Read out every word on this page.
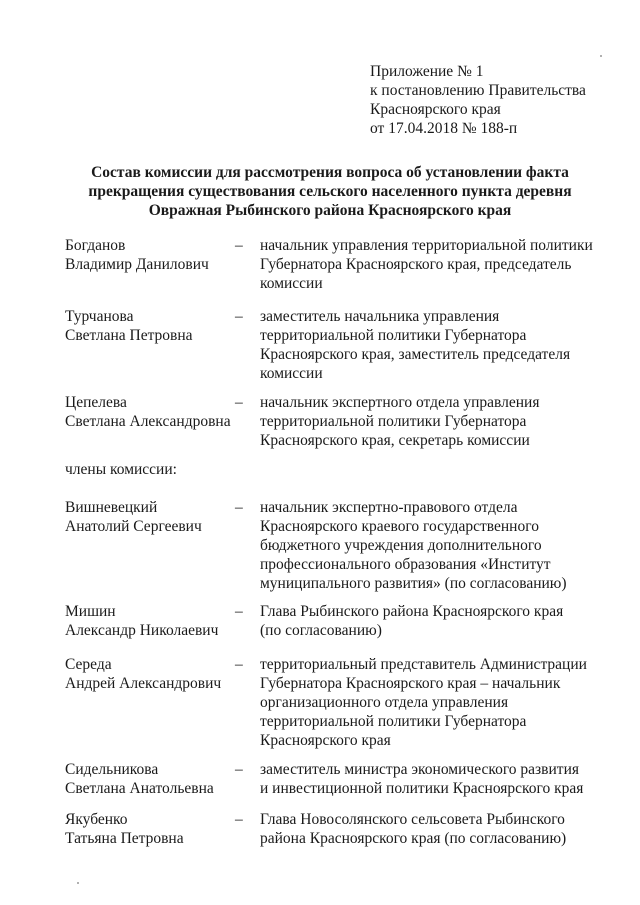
Приложение № 1
к постановлению Правительства
Красноярского края
от 17.04.2018 № 188-п
Состав комиссии для рассмотрения вопроса об установлении факта
прекращения существования сельского населенного пункта деревня
Овражная Рыбинского района Красноярского края
Богданов
Владимир Данилович
– начальник управления территориальной политики
Губернатора Красноярского края, председатель
комиссии
Турчанова
Светлана Петровна
– заместитель начальника управления
территориальной политики Губернатора
Красноярского края, заместитель председателя
комиссии
Цепелева
Светлана Александровна
– начальник экспертного отдела управления
территориальной политики Губернатора
Красноярского края, секретарь комиссии
члены комиссии:
Вишневецкий
Анатолий Сергеевич
– начальник экспертно-правового отдела
Красноярского краевого государственного
бюджетного учреждения дополнительного
профессионального образования «Институт
муниципального развития» (по согласованию)
Мишин
Александр Николаевич
– Глава Рыбинского района Красноярского края
(по согласованию)
Середа
Андрей Александрович
– территориальный представитель Администрации
Губернатора Красноярского края – начальник
организационного отдела управления
территориальной политики Губернатора
Красноярского края
Сидельникова
Светлана Анатольевна
– заместитель министра экономического развития
и инвестиционной политики Красноярского края
Якубенко
Татьяна Петровна
– Глава Новосолянского сельсовета Рыбинского
района Красноярского края (по согласованию)
